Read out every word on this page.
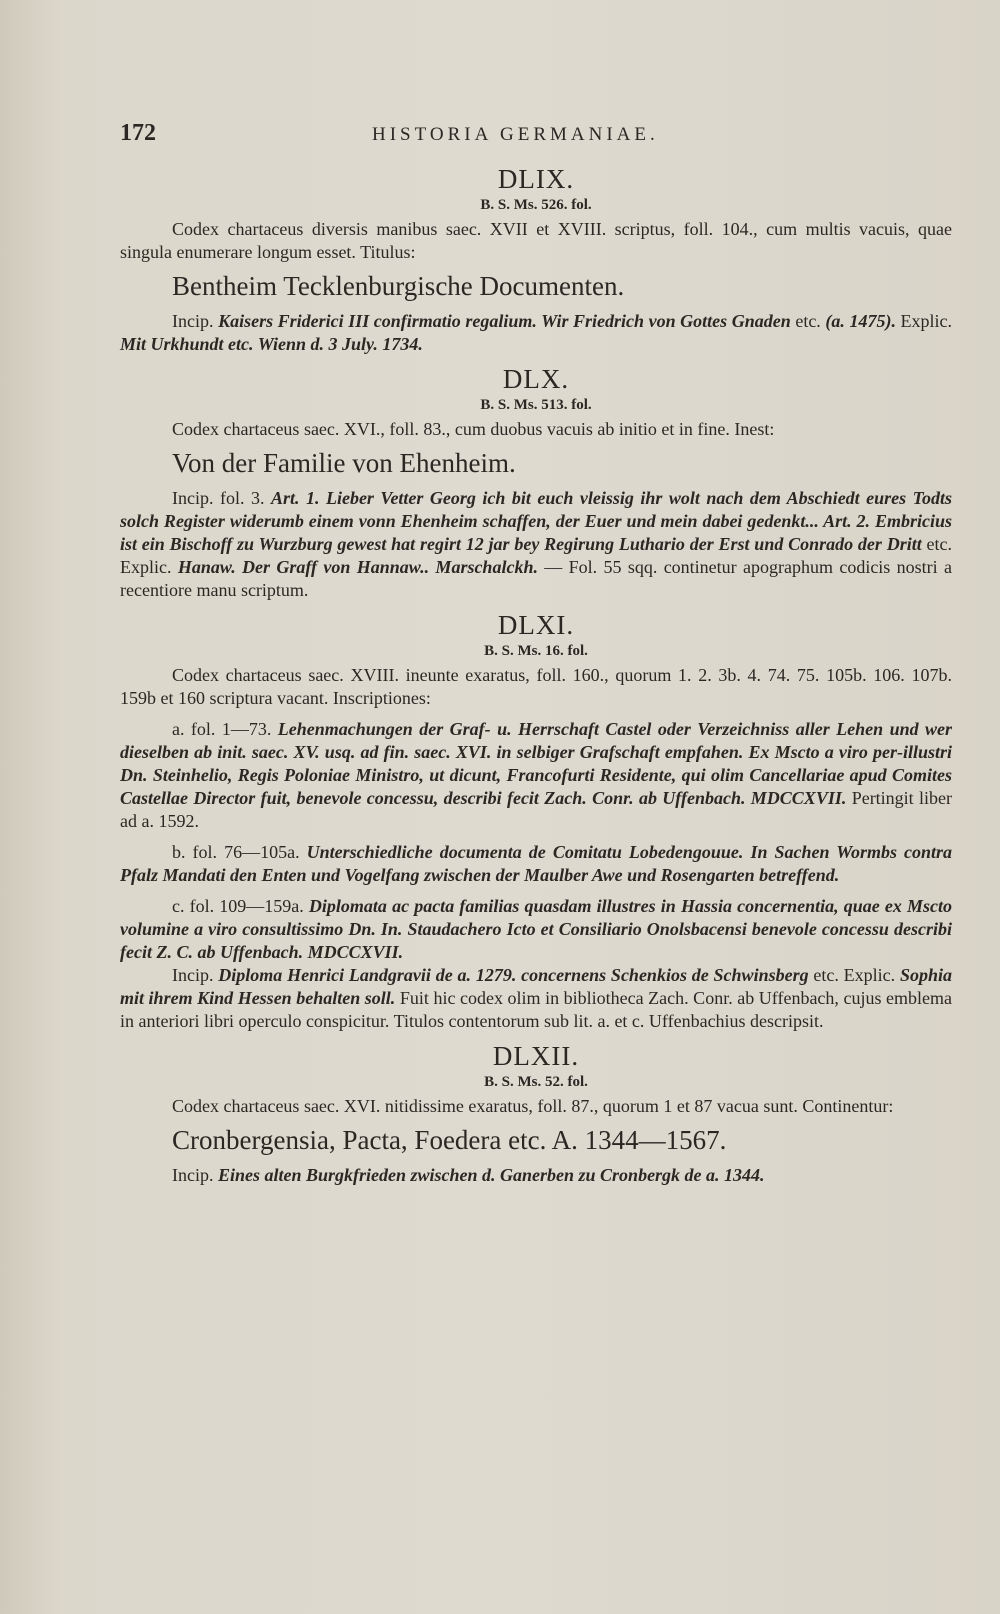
172	HISTORIA GERMANIAE.
DLIX.
B. S. Ms. 526. fol.

Codex chartaceus diversis manibus saec. XVII et XVIII. scriptus, foll. 104., cum multis vacuis, quae singula enumerare longum esset. Titulus:

Bentheim Tecklenburgische Documenten.

Incip. Kaisers Friderici III confirmatio regalium. Wir Friedrich von Gottes Gnaden etc. (a. 1475). Explic. Mit Urkhundt etc. Wienn d. 3 July. 1734.

DLX.
B. S. Ms. 513. fol.

Codex chartaceus saec. XVI., foll. 83., cum duobus vacuis ab initio et in fine. Inest:

Von der Familie von Ehenheim.

Incip. fol. 3. Art. 1. Lieber Vetter Georg ich bit euch vleissig ihr wolt nach dem Abschiedt eures Todts solch Register widerumb einem vonn Ehenheim schaffen, der Euer und mein dabei gedenkt... Art. 2. Embricius ist ein Bischoff zu Wurzburg gewest hat regirt 12 jar bey Regirung Luthario der Erst und Conrado der Dritt etc. Explic. Hanaw. Der Graff von Hannaw.. Marschalckh. — Fol. 55 sqq. continetur apographum codicis nostri a recentiore manu scriptum.

DLXI.
B. S. Ms. 16. fol.

Codex chartaceus saec. XVIII. ineunte exaratus, foll. 160., quorum 1. 2. 3b. 4. 74. 75. 105b. 106. 107b. 159b et 160 scriptura vacant. Inscriptiones:

a. fol. 1—73. Lehenmachungen der Graf- u. Herrschaft Castel oder Verzeichniss aller Lehen und wer dieselben ab init. saec. XV. usq. ad fin. saec. XVI. in selbiger Grafschaft empfahen. Ex Mscto a viro per-illustri Dn. Steinhelio, Regis Poloniae Ministro, ut dicunt, Francofurti Residente, qui olim Cancellariae apud Comites Castellae Director fuit, benevole concessu, describi fecit Zach. Conr. ab Uffenbach. MDCCXVII. Pertingit liber ad a. 1592.

b. fol. 76—105a. Unterschiedliche documenta de Comitatu Lobedengouue. In Sachen Wormbs contra Pfalz Mandati den Enten und Vogelfang zwischen der Maulber Awe und Rosengarten betreffend.

c. fol. 109—159a. Diplomata ac pacta familias quasdam illustres in Hassia concernentia, quae ex Mscto volumine a viro consultissimo Dn. In. Staudachero Icto et Consiliario Onolsbacensi benevole concessu describi fecit Z. C. ab Uffenbach. MDCCXVII.

Incip. Diploma Henrici Landgravii de a. 1279. concernens Schenkios de Schwinsberg etc. Explic. Sophia mit ihrem Kind Hessen behalten soll. Fuit hic codex olim in bibliotheca Zach. Conr. ab Uffenbach, cujus emblema in anteriori libri operculo conspicitur. Titulos contentorum sub lit. a. et c. Uffenbachius descripsit.

DLXII.
B. S. Ms. 52. fol.

Codex chartaceus saec. XVI. nitidissime exaratus, foll. 87., quorum 1 et 87 vacua sunt. Continentur:

Cronbergensia, Pacta, Foedera etc. A. 1344—1567.

Incip. Eines alten Burgkfrieden zwischen d. Ganerben zu Cronbergk de a. 1344.
